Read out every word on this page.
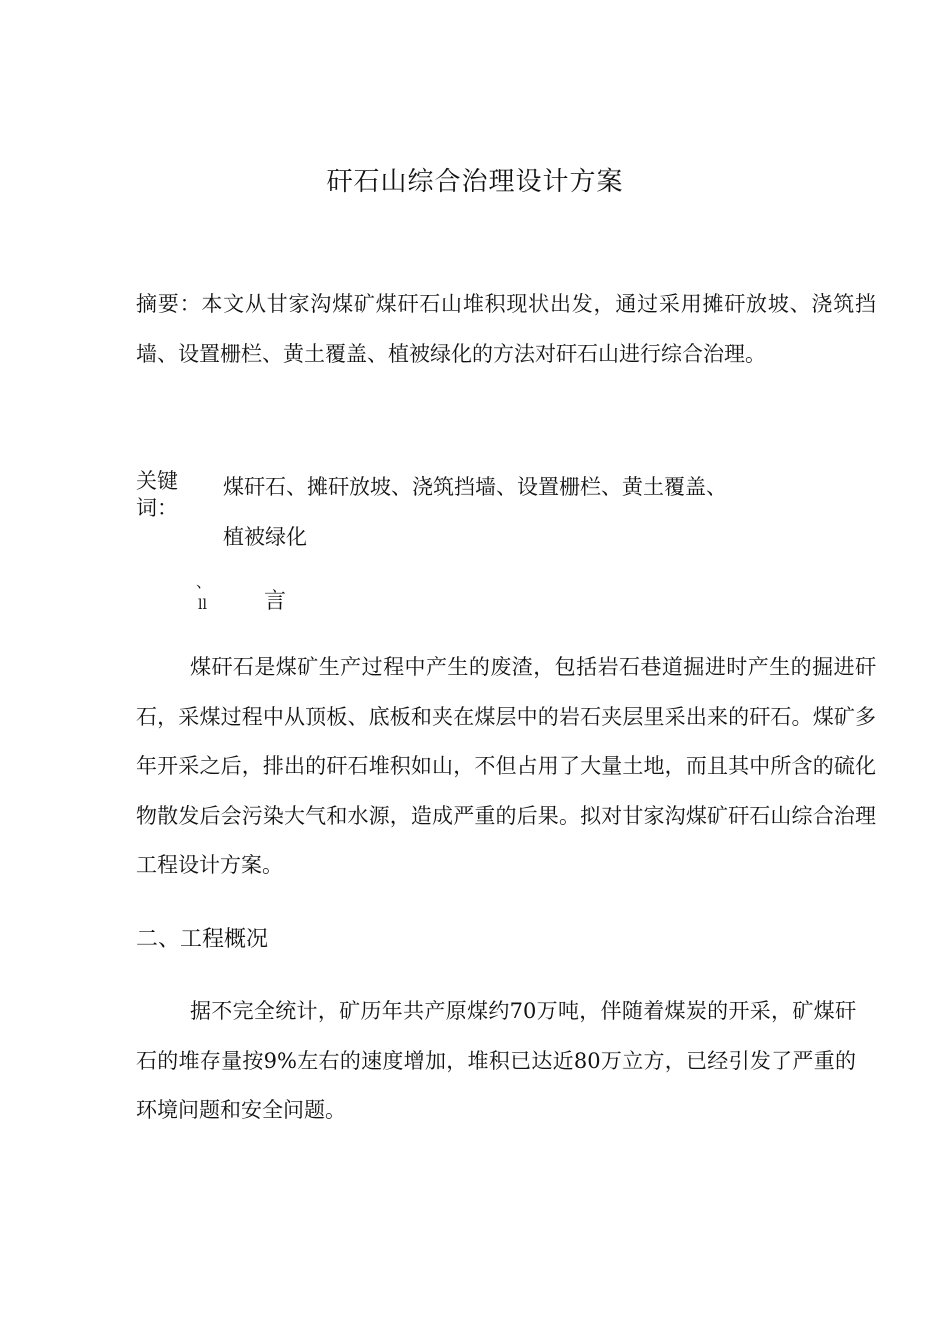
矸石山综合治理设计方案

摘要：本文从甘家沟煤矿煤矸石山堆积现状出发，通过采用摊矸放坡、浇筑挡墙、设置栅栏、黄土覆盖、植被绿化的方法对矸石山进行综合治理。

关键词：
煤矸石、摊矸放坡、浇筑挡墙、设置栅栏、黄土覆盖、
植被绿化
、
ll	言

煤矸石是煤矿生产过程中产生的废渣，包括岩石巷道掘进时产生的掘进矸石，采煤过程中从顶板、底板和夹在煤层中的岩石夹层里采出来的矸石。煤矿多年开采之后，排出的矸石堆积如山，不但占用了大量土地，而且其中所含的硫化物散发后会污染大气和水源，造成严重的后果。拟对甘家沟煤矿矸石山综合治理工程设计方案。

二、工程概况

据不完全统计，矿历年共产原煤约70万吨，伴随着煤炭的开采，矿煤矸石的堆存量按9%左右的速度增加，堆积已达近80万立方，已经引发了严重的环境问题和安全问题。
